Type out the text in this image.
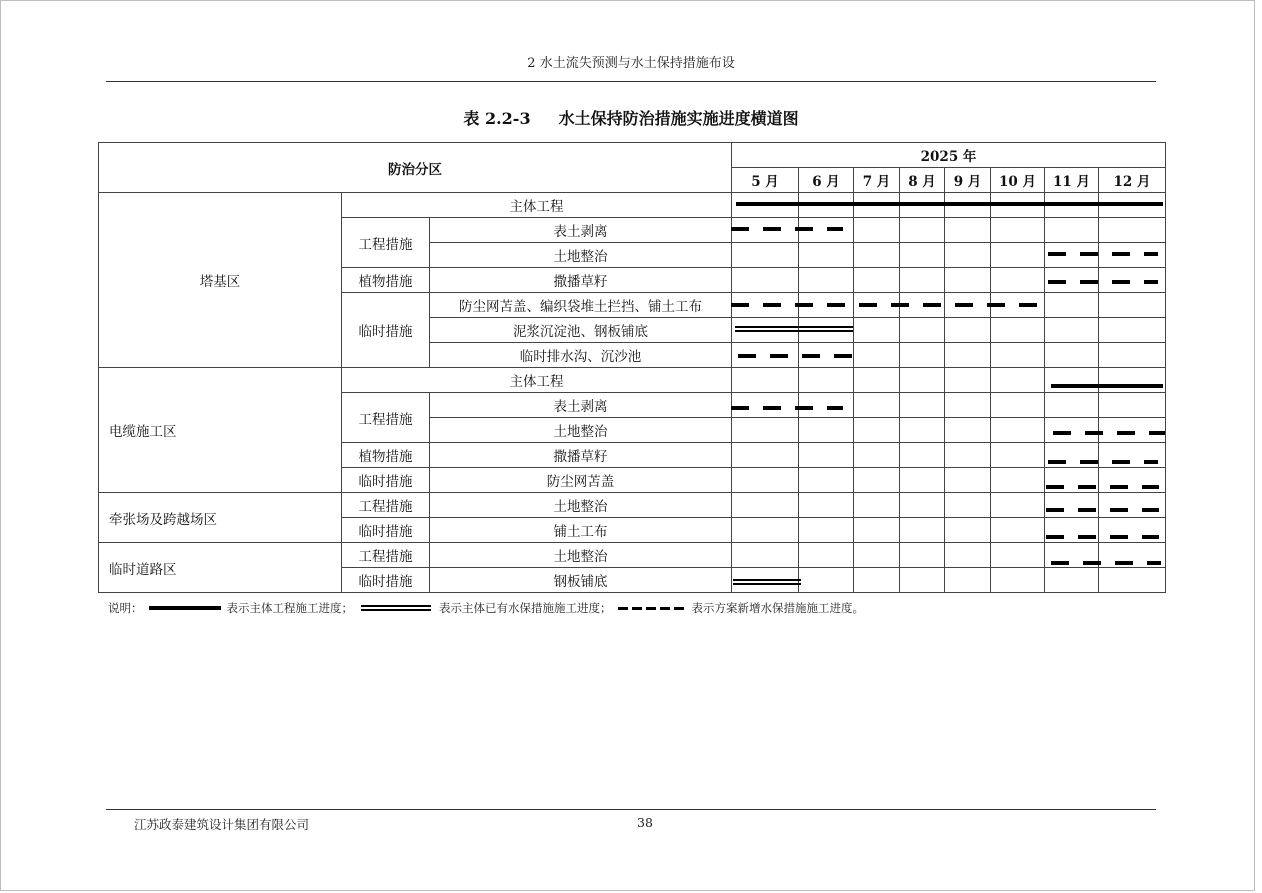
2 水土流失预测与水土保持措施布设
表 2.2-3 水土保持防治措施实施进度横道图
防治分区			2025 年							
			5 月	6 月	7 月	8 月	9 月	10 月	11 月	12 月
塔基区	主体工程									
	工程措施	表土剥离								
		土地整治								
	植物措施	撒播草籽								
	临时措施	防尘网苫盖、编织袋堆土拦挡、铺土工布								
		泥浆沉淀池、钢板铺底								
		临时排水沟、沉沙池								
电缆施工区	主体工程									
	工程措施	表土剥离								
		土地整治								
	植物措施	撒播草籽								
	临时措施	防尘网苫盖								
牵张场及跨越场区	工程措施	土地整治								
	临时措施	铺土工布								
临时道路区	工程措施	土地整治								
	临时措施	钢板铺底								
说明：	表示主体工程施工进度；	表示主体已有水保措施施工进度；	表示方案新增水保措施施工进度。
江苏政泰建筑设计集团有限公司	38
